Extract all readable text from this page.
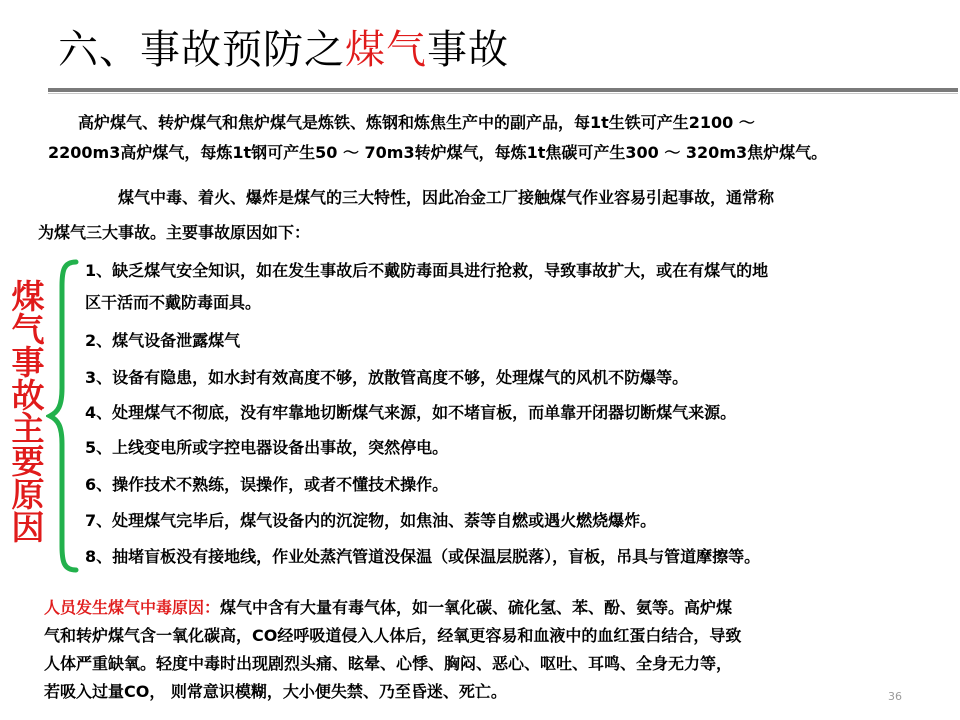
六、事故预防之煤气事故
高炉煤气、转炉煤气和焦炉煤气是炼铁、炼钢和炼焦生产中的副产品，每1t生铁可产生2100 ～
2200m3高炉煤气，每炼1t钢可产生50 ～ 70m3转炉煤气，每炼1t焦碳可产生300 ～ 320m3焦炉煤气。
煤气中毒、着火、爆炸是煤气的三大特性，因此冶金工厂接触煤气作业容易引起事故，通常称
为煤气三大事故。主要事故原因如下：
煤
气
事
故
主
要
原
因
1、缺乏煤气安全知识，如在发生事故后不戴防毒面具进行抢救，导致事故扩大，或在有煤气的地
区干活而不戴防毒面具。
2、煤气设备泄露煤气
3、设备有隐患，如水封有效高度不够，放散管高度不够，处理煤气的风机不防爆等。
4、处理煤气不彻底，没有牢靠地切断煤气来源，如不堵盲板，而单靠开闭器切断煤气来源。
5、上线变电所或字控电器设备出事故，突然停电。
6、操作技术不熟练，误操作，或者不懂技术操作。
7、处理煤气完毕后，煤气设备内的沉淀物，如焦油、萘等自燃或遇火燃烧爆炸。
8、抽堵盲板没有接地线，作业处蒸汽管道没保温（或保温层脱落），盲板，吊具与管道摩擦等。
人员发生煤气中毒原因：煤气中含有大量有毒气体，如一氧化碳、硫化氢、苯、酚、氨等。高炉煤
气和转炉煤气含一氧化碳高，CO经呼吸道侵入人体后，经氧更容易和血液中的血红蛋白结合，导致
人体严重缺氧。轻度中毒时出现剧烈头痛、眩晕、心悸、胸闷、恶心、呕吐、耳鸣、全身无力等，
若吸入过量CO， 则常意识模糊，大小便失禁、乃至昏迷、死亡。	36
